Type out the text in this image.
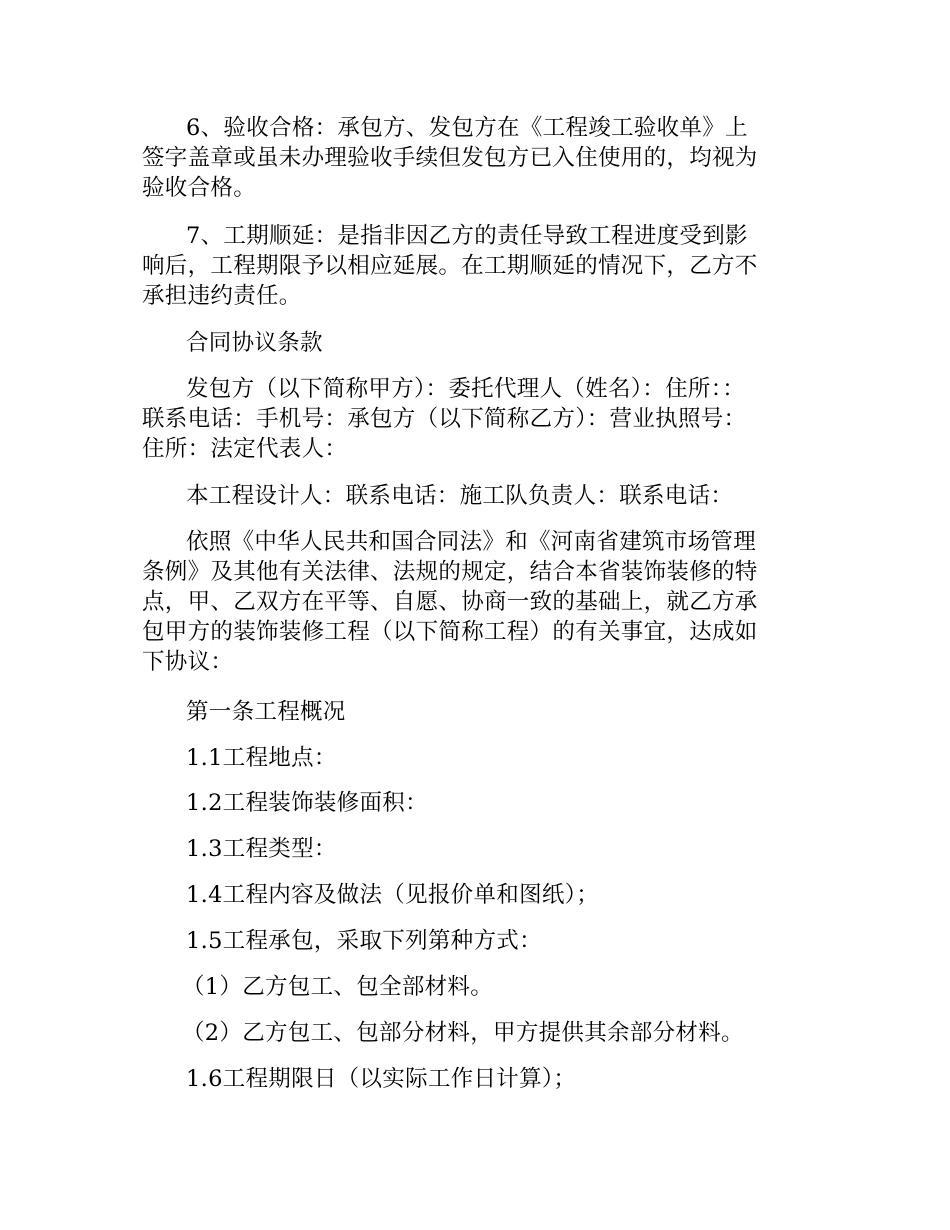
6、验收合格：承包方、发包方在《工程竣工验收单》上
签字盖章或虽未办理验收手续但发包方已入住使用的，均视为
验收合格。
7、工期顺延：是指非因乙方的责任导致工程进度受到影
响后，工程期限予以相应延展。在工期顺延的情况下，乙方不
承担违约责任。
合同协议条款
发包方（以下简称甲方）：委托代理人（姓名）：住所：：
联系电话：手机号：承包方（以下简称乙方）：营业执照号：
住所：法定代表人：
本工程设计人：联系电话：施工队负责人：联系电话：
依照《中华人民共和国合同法》和《河南省建筑市场管理
条例》及其他有关法律、法规的规定，结合本省装饰装修的特
点，甲、乙双方在平等、自愿、协商一致的基础上，就乙方承
包甲方的装饰装修工程（以下简称工程）的有关事宜，达成如
下协议：
第一条工程概况
1.1工程地点：
1.2工程装饰装修面积：
1.3工程类型：
1.4工程内容及做法（见报价单和图纸）；
1.5工程承包，采取下列第种方式：
（1）乙方包工、包全部材料。
（2）乙方包工、包部分材料，甲方提供其余部分材料。
1.6工程期限日（以实际工作日计算）；
